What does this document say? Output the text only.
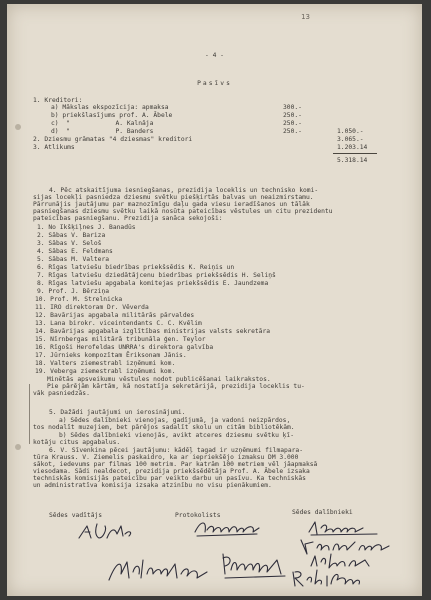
13
- 4 -
Pasīvs
1. Kreditori:
a) Mākslas ekspozīcija: apmaksa	300.-
b) priekšlasījums prof. A. Ābele	250.-
c)  "            A. Kalnāja	250.-
d)  "            P. Banders	250.-	1.050.-
2. Dziesmu grāmatas "4 dziesmas" kreditori	3.065.-
3. Atlikums	1.203.14
5.318.14
4. Pēc atskaitījuma iesniegšanas, prezidija loceklis un technisko komi-
sijas locekļi pasniedza dziesmu svētku piešķirtās balvas un neaizmirstamu.
Pārrunājis jautājumu par maznozīmīgu daļu gada viesu ieradīšanos un tālāk
pasniegšanas dziesmu svētku laikā nosūta pateicības vēstules un citu prezidentu
pateicības pasniegšanu. Prezidija sanāca sekojoši:
1. No Ikšķiļnes J. Banadūs
2. Sābas V. Bariza
3. Sābas V. Seloš
4. Sābas E. Feldmans
5. Sābas M. Valtera
6. Rīgas latviešu biedrības priekšsēdis K. Reiņis un
7. Rīgas latviešu dziedātājcenu biedrības priekšsēdis H. Seliņš
8. Rīgas latviešu apgabala komitejas priekšsēdis E. Jaundzema
9. Prof. J. Bērziņa
10. Prof. M. Strelnicka
11. IRO direktoram Dr. Vēverda
12. Bavārijas apgabala militārās pārvaldes
13. Lana birokr. viceintendants C. C. Kvēlim
14. Bavārijas apgabala izglītības ministrijas valsts sekretāra
15. Nīrnbergas militārā tribunāla ģen. Teylor
16. Rīgoši Herofeldas UNRRA's direktora galvība
17. Jūrnieks kompozītam Ēriksonam Jānis.
18. Valters ziemestrabl izņēmumi kom.
19. Veberga ziemestrabl izņēmumi kom.
Minētās apsveikumu vēstules nodot publicēšanai laikrakstos.
Pie pārējām kārtām, kā nostatīja sekretārijā, prezidija loceklis tu-
vāk pasniedzās.
5. Dažādi jautājumi un ierosinājumi.
a) Sēdes dalībnieki vienojas, gadījumā, ja vadoni neizpārdos,
tos nodalīt muzejiem, bet pārējos sadalīt skolu un citām bibliotēkām.
b) Sēdes dalībnieki vienojās, avikt atceres dziesmu svētku ķī-
kotāju citus apgabalus.
6. V. Sīvenkina pēcei jautājumu: kādēļ tagad ir uzņēmumi filmapara-
tūra Krauss. V. Ziemelis paskaidro, ka ar iepriekšējo izmaksu DM 3.000
sākot, iedevums par filmas 100 metrim. Par katrām 100 metriem vēl jāapmaksā
viesodama. Sādi nealdecot, prezidija priekšsēdētāja Prof. A. Ābele izsaka
techniskās komisijās pateicību par veikto darbu un pasīvu. Ka techniskās
un administratīva komisija izsaka atzinību no visu pienākumiem.
Sēdes vadītājs	Protokolists	Sēdes dalībnieki
